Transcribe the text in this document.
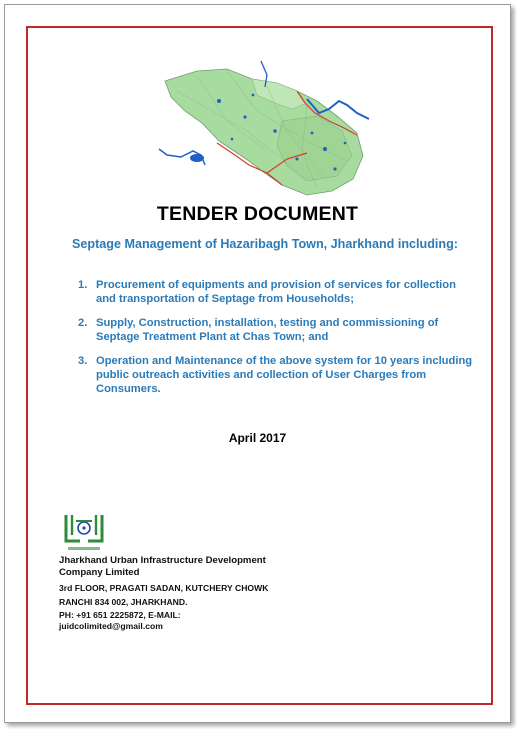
TENDER DOCUMENT
Septage Management of Hazaribagh Town, Jharkhand including:
1. Procurement of equipments and provision of services for collection and transportation of Septage from Households;
2. Supply, Construction, installation, testing and commissioning of Septage Treatment Plant at Chas Town; and
3. Operation and Maintenance of the above system for 10 years including public outreach activities and collection of User Charges from Consumers.
April 2017
Jharkhand Urban Infrastructure Development Company Limited
3rd FLOOR, PRAGATI SADAN, KUTCHERY CHOWK
RANCHI 834 002, JHARKHAND.
PH: +91 651 2225872, E-MAIL: juidcolimited@gmail.com
